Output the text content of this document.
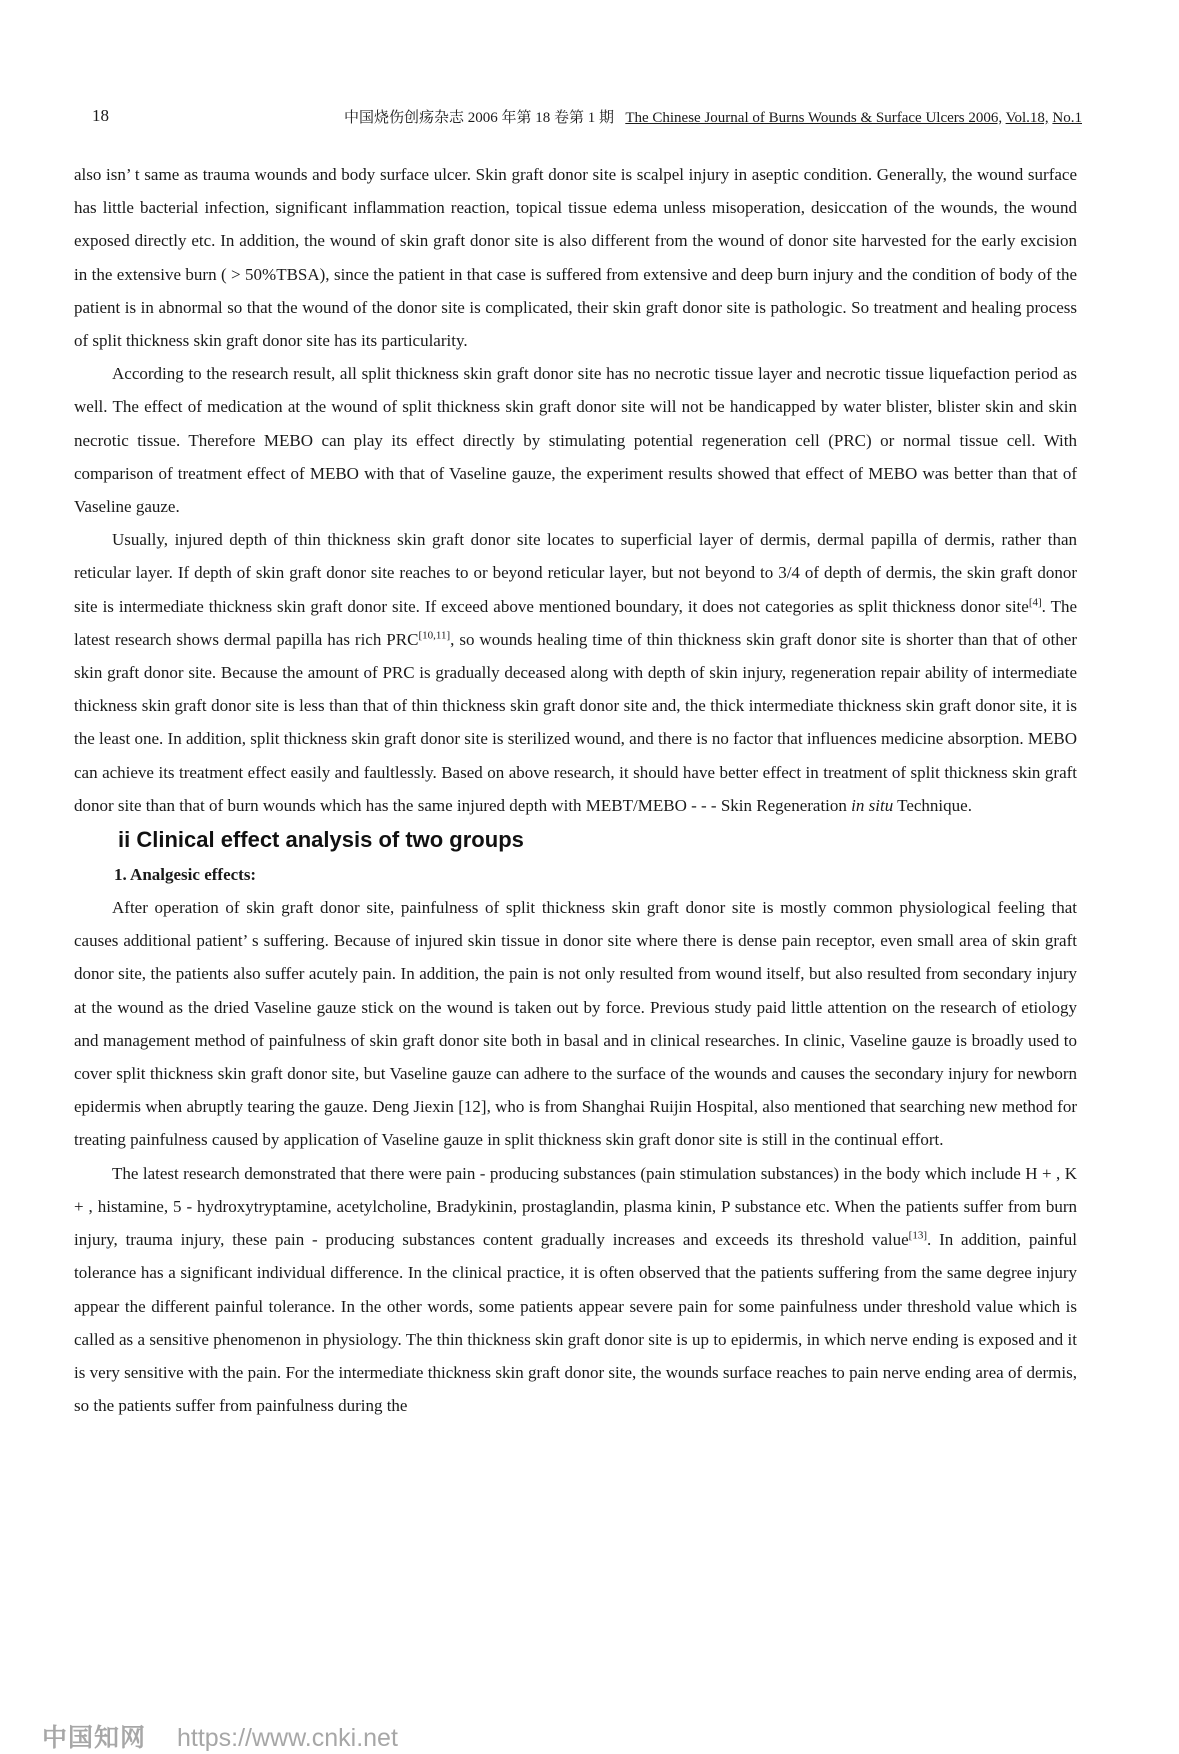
18	中国烧伤创疡杂志 2006 年第 18 卷第 1 期 The Chinese Journal of Burns Wounds & Surface Ulcers 2006, Vol.18, No.1

also isn’ t same as trauma wounds and body surface ulcer. Skin graft donor site is scalpel injury in aseptic condition. Generally, the wound surface has little bacterial infection, significant inflammation reaction, topical tissue edema unless misoperation, desiccation of the wounds, the wound exposed directly etc. In addition, the wound of skin graft donor site is also different from the wound of donor site harvested for the early excision in the extensive burn ( > 50%TBSA), since the patient in that case is suffered from extensive and deep burn injury and the condition of body of the patient is in abnormal so that the wound of the donor site is complicated, their skin graft donor site is pathologic. So treatment and healing process of split thickness skin graft donor site has its particularity.

According to the research result, all split thickness skin graft donor site has no necrotic tissue layer and necrotic tissue liquefaction period as well. The effect of medication at the wound of split thickness skin graft donor site will not be handicapped by water blister, blister skin and skin necrotic tissue. Therefore MEBO can play its effect directly by stimulating potential regeneration cell (PRC) or normal tissue cell. With comparison of treatment effect of MEBO with that of Vaseline gauze, the experiment results showed that effect of MEBO was better than that of Vaseline gauze.

Usually, injured depth of thin thickness skin graft donor site locates to superficial layer of dermis, dermal papilla of dermis, rather than reticular layer. If depth of skin graft donor site reaches to or beyond reticular layer, but not beyond to 3/4 of depth of dermis, the skin graft donor site is intermediate thickness skin graft donor site. If exceed above mentioned boundary, it does not categories as split thickness donor site[4]. The latest research shows dermal papilla has rich PRC[10,11], so wounds healing time of thin thickness skin graft donor site is shorter than that of other skin graft donor site. Because the amount of PRC is gradually deceased along with depth of skin injury, regeneration repair ability of intermediate thickness skin graft donor site is less than that of thin thickness skin graft donor site and, the thick intermediate thickness skin graft donor site, it is the least one. In addition, split thickness skin graft donor site is sterilized wound, and there is no factor that influences medicine absorption. MEBO can achieve its treatment effect easily and faultlessly. Based on above research, it should have better effect in treatment of split thickness skin graft donor site than that of burn wounds which has the same injured depth with MEBT/MEBO - - - Skin Regeneration in situ Technique.

ii Clinical effect analysis of two groups

1. Analgesic effects:

After operation of skin graft donor site, painfulness of split thickness skin graft donor site is mostly common physiological feeling that causes additional patient’ s suffering. Because of injured skin tissue in donor site where there is dense pain receptor, even small area of skin graft donor site, the patients also suffer acutely pain. In addition, the pain is not only resulted from wound itself, but also resulted from secondary injury at the wound as the dried Vaseline gauze stick on the wound is taken out by force. Previous study paid little attention on the research of etiology and management method of painfulness of skin graft donor site both in basal and in clinical researches. In clinic, Vaseline gauze is broadly used to cover split thickness skin graft donor site, but Vaseline gauze can adhere to the surface of the wounds and causes the secondary injury for newborn epidermis when abruptly tearing the gauze. Deng Jiexin [12], who is from Shanghai Ruijin Hospital, also mentioned that searching new method for treating painfulness caused by application of Vaseline gauze in split thickness skin graft donor site is still in the continual effort.

The latest research demonstrated that there were pain - producing substances (pain stimulation substances) in the body which include H + , K + , histamine, 5 - hydroxytryptamine, acetylcholine, Bradykinin, prostaglandin, plasma kinin, P substance etc. When the patients suffer from burn injury, trauma injury, these pain - producing substances content gradually increases and exceeds its threshold value[13]. In addition, painful tolerance has a significant individual difference. In the clinical practice, it is often observed that the patients suffering from the same degree injury appear the different painful tolerance. In the other words, some patients appear severe pain for some painfulness under threshold value which is called as a sensitive phenomenon in physiology. The thin thickness skin graft donor site is up to epidermis, in which nerve ending is exposed and it is very sensitive with the pain. For the intermediate thickness skin graft donor site, the wounds surface reaches to pain nerve ending area of dermis, so the patients suffer from painfulness during the

中国知网 https://www.cnki.net
